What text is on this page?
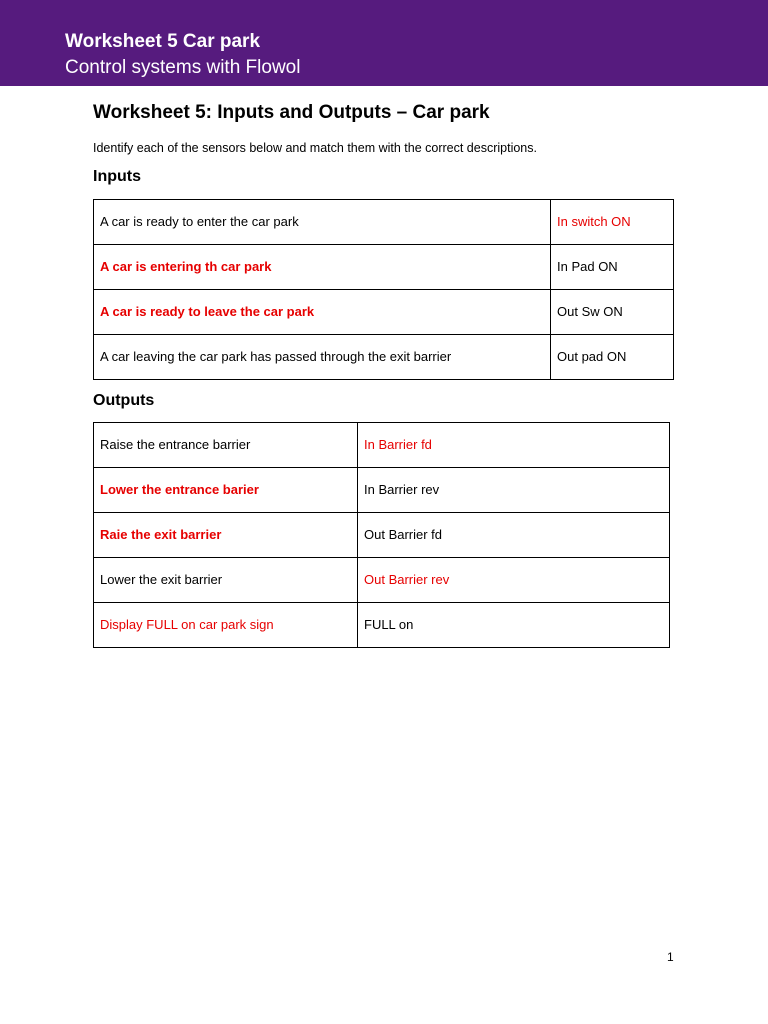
Worksheet 5 Car park
Control systems with Flowol
Worksheet 5: Inputs and Outputs – Car park
Identify each of the sensors below and match them with the correct descriptions.
Inputs
A car is ready to enter the car park	In switch ON
A car is entering th car park	In Pad ON
A car is ready to leave the car park	Out Sw ON
A car leaving the car park has passed through the exit barrier	Out pad ON
Outputs
Raise the entrance barrier	In Barrier fd
Lower the entrance barier	In Barrier rev
Raie the exit barrier	Out Barrier fd
Lower the exit barrier	Out Barrier rev
Display FULL on car park sign	FULL on
1
